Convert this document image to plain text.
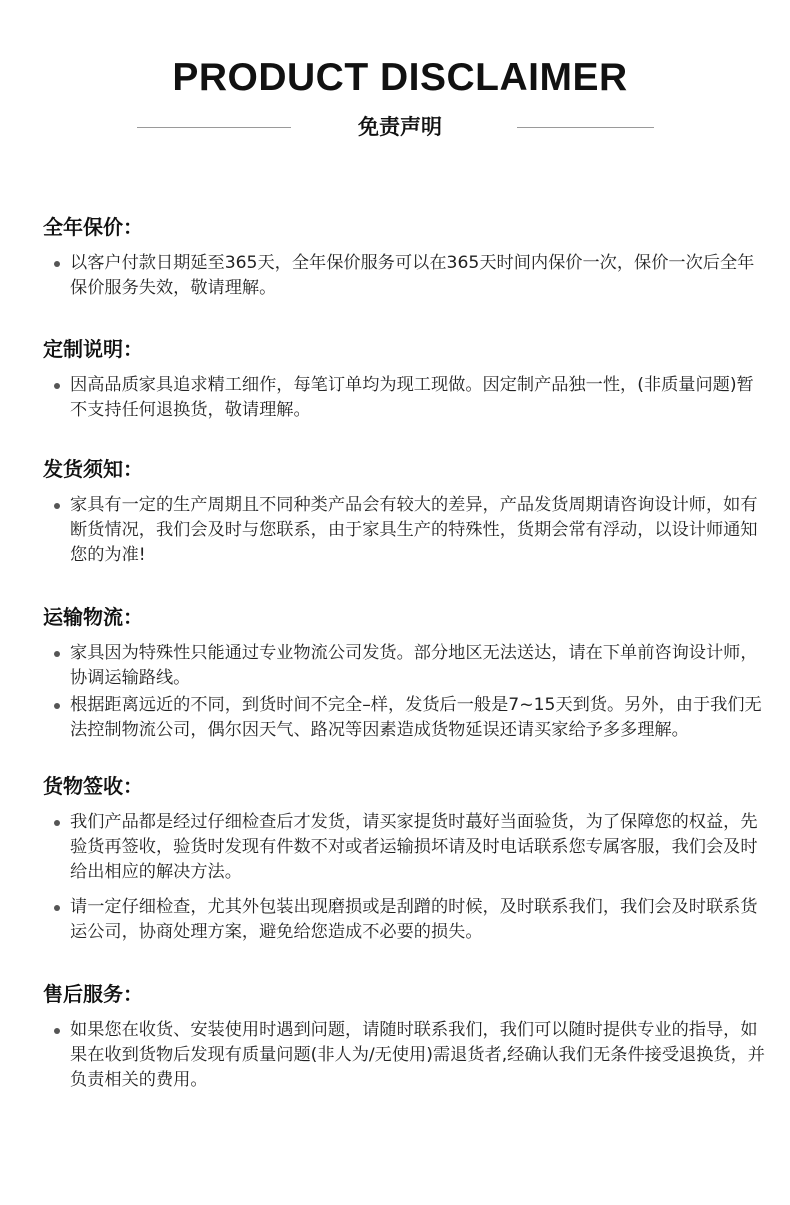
PRODUCT DISCLAIMER
免责声明
全年保价：
以客户付款日期延至365天，全年保价服务可以在365天时间内保价一次，保价一次后全年保价服务失效，敬请理解。
定制说明：
因高品质家具追求精工细作，每笔订单均为现工现做。因定制产品独一性，(非质量问题)暂不支持任何退换货，敬请理解。
发货须知：
家具有一定的生产周期且不同种类产品会有较大的差异，产品发货周期请咨询设计师，如有断货情况，我们会及时与您联系，由于家具生产的特殊性，货期会常有浮动，以设计师通知您的为准!
运输物流：
家具因为特殊性只能通过专业物流公司发货。部分地区无法送达，请在下单前咨询设计师，协调运输路线。
根据距离远近的不同，到货时间不完全–样，发货后一般是7~15天到货。另外，由于我们无法控制物流公司，偶尔因天气、路况等因素造成货物延误还请买家给予多多理解。
货物签收：
我们产品都是经过仔细检查后才发货，请买家提货时蕞好当面验货，为了保障您的权益，先验货再签收，验货时发现有件数不对或者运输损坏请及时电话联系您专属客服，我们会及时给出相应的解决方法。
请一定仔细检查，尤其外包装出现磨损或是刮蹭的时候，及时联系我们，我们会及时联系货运公司，协商处理方案，避免给您造成不必要的损失。
售后服务：
如果您在收货、安装使用时遇到问题，请随时联系我们，我们可以随时提供专业的指导，如果在收到货物后发现有质量问题(非人为/无使用)需退货者,经确认我们无条件接受退换货，并负责相关的费用。
